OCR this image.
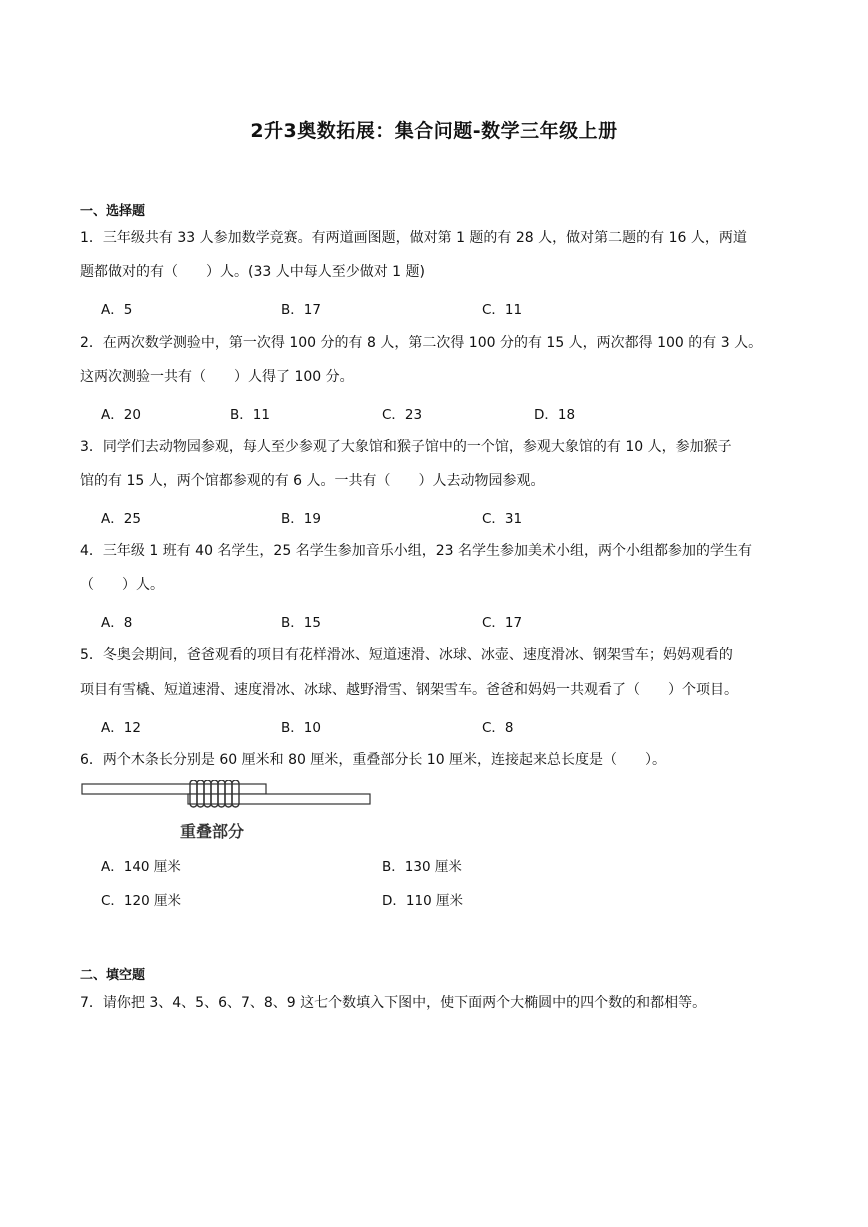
2升3奥数拓展：集合问题-数学三年级上册
一、选择题
1．三年级共有 33 人参加数学竞赛。有两道画图题，做对第 1 题的有 28 人，做对第二题的有 16 人，两道
题都做对的有（　　）人。(33 人中每人至少做对 1 题)
A．5	B．17	C．11
2．在两次数学测验中，第一次得 100 分的有 8 人，第二次得 100 分的有 15 人，两次都得 100 的有 3 人。
这两次测验一共有（　　）人得了 100 分。
A．20	B．11	C．23	D．18
3．同学们去动物园参观，每人至少参观了大象馆和猴子馆中的一个馆，参观大象馆的有 10 人，参加猴子
馆的有 15 人，两个馆都参观的有 6 人。一共有（　　）人去动物园参观。
A．25	B．19	C．31
4．三年级 1 班有 40 名学生，25 名学生参加音乐小组，23 名学生参加美术小组，两个小组都参加的学生有
（　　）人。
A．8	B．15	C．17
5．冬奥会期间，爸爸观看的项目有花样滑冰、短道速滑、冰球、冰壶、速度滑冰、钢架雪车；妈妈观看的
项目有雪橇、短道速滑、速度滑冰、冰球、越野滑雪、钢架雪车。爸爸和妈妈一共观看了（　　）个项目。
A．12	B．10	C．8
6．两个木条长分别是 60 厘米和 80 厘米，重叠部分长 10 厘米，连接起来总长度是（　　）。
重叠部分
A．140 厘米	B．130 厘米
C．120 厘米	D．110 厘米
二、填空题
7．请你把 3、4、5、6、7、8、9 这七个数填入下图中，使下面两个大椭圆中的四个数的和都相等。
